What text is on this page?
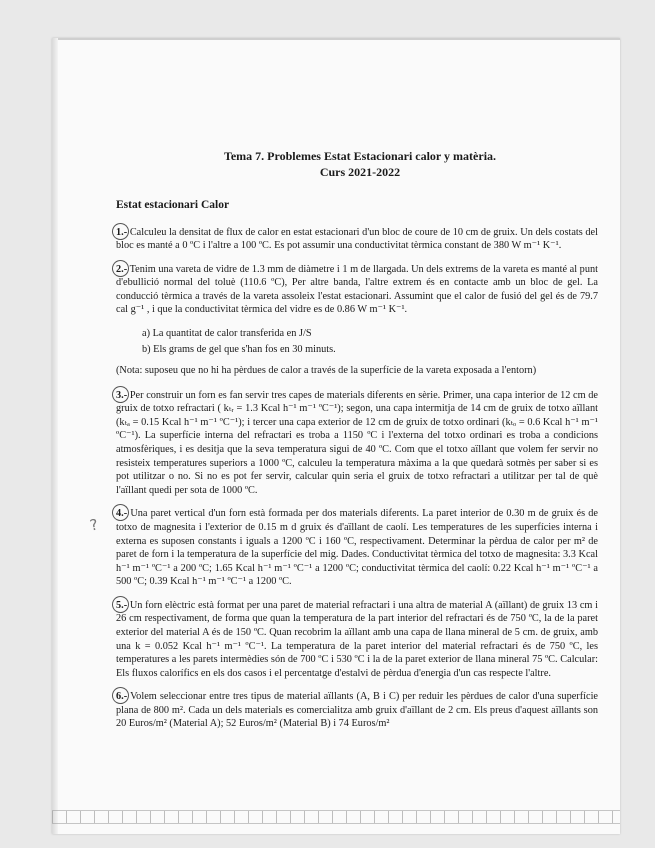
Tema 7. Problemes Estat Estacionari calor y matèria.
Curs 2021-2022
Estat estacionari Calor

1.- Calculeu la densitat de flux de calor en estat estacionari d'un bloc de coure de 10 cm de gruix. Un dels costats del bloc es manté a 0 ºC i l'altre a 100 ºC. Es pot assumir una conductivitat tèrmica constant de 380 W m⁻¹ K⁻¹.

2.- Tenim una vareta de vidre de 1.3 mm de diàmetre i 1 m de llargada. Un dels extrems de la vareta es manté al punt d'ebullició normal del toluè (110.6 ºC), Per altre banda, l'altre extrem és en contacte amb un bloc de gel. La conducció tèrmica a través de la vareta assoleix l'estat estacionari. Assumint que el calor de fusió del gel és de 79.7 cal g⁻¹ , i que la conductivitat tèrmica del vidre es de 0.86 W m⁻¹ K⁻¹.

a) La quantitat de calor transferida en J/S
b) Els grams de gel que s'han fos en 30 minuts.

(Nota: suposeu que no hi ha pèrdues de calor a través de la superfície de la vareta exposada a l'entorn)

3.- Per construir un forn es fan servir tres capes de materials diferents en sèrie. Primer, una capa interior de 12 cm de gruix de totxo refractari ( kₜᵣ = 1.3 Kcal h⁻¹ m⁻¹ ºC⁻¹); segon, una capa intermitja de 14 cm de gruix de totxo aïllant (kₜₐ = 0.15 Kcal h⁻¹ m⁻¹ ºC⁻¹); i tercer una capa exterior de 12 cm de gruix de totxo ordinari (kₜₒ = 0.6 Kcal h⁻¹ m⁻¹ ºC⁻¹). La superfície interna del refractari es troba a 1150 ºC i l'externa del totxo ordinari es troba a condicions atmosfèriques, i es desitja que la seva temperatura sigui de 40 ºC. Com que el totxo aïllant que volem fer servir no resisteix temperatures superiors a 1000 ºC, calculeu la temperatura màxima a la que quedarà sotmès per saber si es pot utilitzar o no. Si no es pot fer servir, calcular quin seria el gruix de totxo refractari a utilitzar per tal de què l'aïllant quedi per sota de 1000 ºC.

4.- Una paret vertical d'un forn està formada per dos materials diferents. La paret interior de 0.30 m de gruix és de totxo de magnesita i l'exterior de 0.15 m d gruix és d'aïllant de caolí. Les temperatures de les superfícies interna i externa es suposen constants i iguals a 1200 ºC i 160 ºC, respectivament. Determinar la pèrdua de calor per m² de paret de forn i la temperatura de la superfície del mig. Dades. Conductivitat tèrmica del totxo de magnesita: 3.3 Kcal h⁻¹ m⁻¹ ºC⁻¹ a 200 ºC; 1.65 Kcal h⁻¹ m⁻¹ ºC⁻¹ a 1200 ºC; conductivitat tèrmica del caolí: 0.22 Kcal h⁻¹ m⁻¹ ºC⁻¹ a 500 ºC; 0.39 Kcal h⁻¹ m⁻¹ ºC⁻¹ a 1200 ºC.

5.- Un forn elèctric està format per una paret de material refractari i una altra de material A (aïllant) de gruix 13 cm i 26 cm respectivament, de forma que quan la temperatura de la part interior del refractari és de 750 ºC, la de la paret exterior del material A és de 150 ºC. Quan recobrim la aïllant amb una capa de llana mineral de 5 cm. de gruix, amb una k = 0.052 Kcal h⁻¹ m⁻¹ ºC⁻¹. La temperatura de la paret interior del material refractari és de 750 ºC, les temperatures a les parets intermèdies són de 700 ºC i 530 ºC i la de la paret exterior de llana mineral 75 ºC. Calcular: Els fluxos calorífics en els dos casos i el percentatge d'estalvi de pèrdua d'energia d'un cas respecte l'altre.

6.- Volem seleccionar entre tres tipus de material aïllants (A, B i C) per reduir les pèrdues de calor d'una superfície plana de 800 m². Cada un dels materials es comercialitza amb gruix d'aïllant de 2 cm. Els preus d'aquest aïllants son 20 Euros/m² (Material A); 52 Euros/m² (Material B) i 74 Euros/m²

?
